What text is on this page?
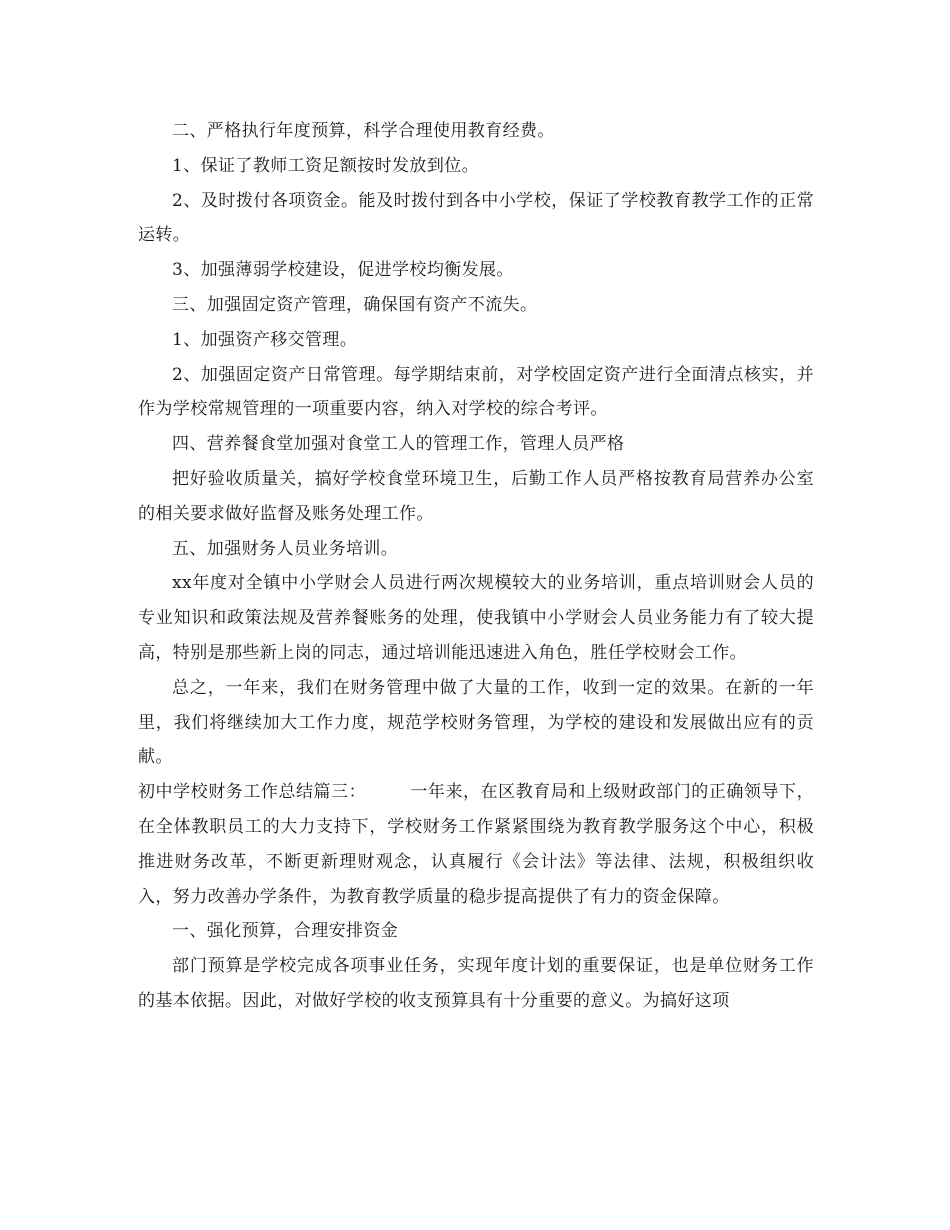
二、严格执行年度预算，科学合理使用教育经费。

1、保证了教师工资足额按时发放到位。

2、及时拨付各项资金。能及时拨付到各中小学校，保证了学校教育教学工作的正常运转。

3、加强薄弱学校建设，促进学校均衡发展。

三、加强固定资产管理，确保国有资产不流失。

1、加强资产移交管理。

2、加强固定资产日常管理。每学期结束前，对学校固定资产进行全面清点核实，并作为学校常规管理的一项重要内容，纳入对学校的综合考评。

四、营养餐食堂加强对食堂工人的管理工作，管理人员严格

把好验收质量关，搞好学校食堂环境卫生，后勤工作人员严格按教育局营养办公室的相关要求做好监督及账务处理工作。

五、加强财务人员业务培训。

xx年度对全镇中小学财会人员进行两次规模较大的业务培训，重点培训财会人员的专业知识和政策法规及营养餐账务的处理，使我镇中小学财会人员业务能力有了较大提高，特别是那些新上岗的同志，通过培训能迅速进入角色，胜任学校财会工作。

总之，一年来，我们在财务管理中做了大量的工作，收到一定的效果。在新的一年里，我们将继续加大工作力度，规范学校财务管理，为学校的建设和发展做出应有的贡献。

初中学校财务工作总结篇三：　　　一年来，在区教育局和上级财政部门的正确领导下，在全体教职员工的大力支持下，学校财务工作紧紧围绕为教育教学服务这个中心，积极推进财务改革，不断更新理财观念，认真履行《会计法》等法律、法规，积极组织收入，努力改善办学条件，为教育教学质量的稳步提高提供了有力的资金保障。

一、强化预算，合理安排资金

部门预算是学校完成各项事业任务，实现年度计划的重要保证，也是单位财务工作的基本依据。因此，对做好学校的收支预算具有十分重要的意义。为搞好这项
